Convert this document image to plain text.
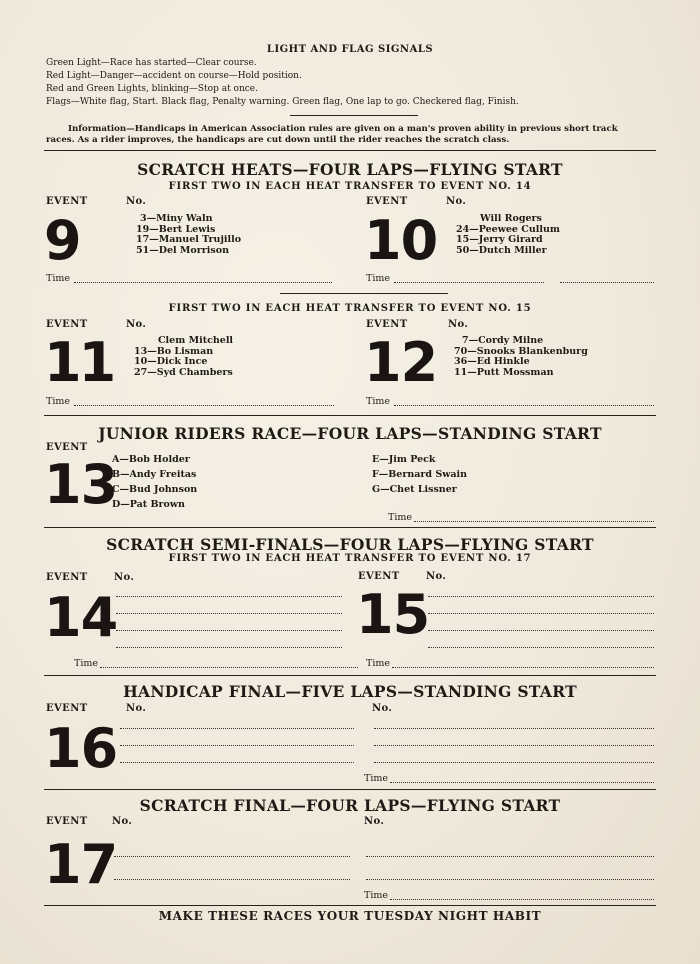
LIGHT AND FLAG SIGNALS
Green Light—Race has started—Clear course.
Red Light—Danger—accident on course—Hold position.
Red and Green Lights, blinking—Stop at once.
Flags—White flag, Start. Black flag, Penalty warning. Green flag, One lap to go. Checkered flag, Finish.
Information—Handicaps in American Association rules are given on a man's proven ability in previous short track
races. As a rider improves, the handicaps are cut down until the rider reaches the scratch class.
SCRATCH HEATS—FOUR LAPS—FLYING START
FIRST TWO IN EACH HEAT TRANSFER TO EVENT NO. 14
EVENT	No.
9	3—Miny Waln
19—Bert Lewis
17—Manuel Trujillo
51—Del Morrison
Time
EVENT	No.
10	Will Rogers
24—Peewee Cullum
15—Jerry Girard
50—Dutch Miller
Time
FIRST TWO IN EACH HEAT TRANSFER TO EVENT NO. 15
EVENT	No.
11	Clem Mitchell
13—Bo Lisman
10—Dick Ince
27—Syd Chambers
Time
EVENT	No.
12	7—Cordy Milne
70—Snooks Blankenburg
36—Ed Hinkle
11—Putt Mossman
Time
JUNIOR RIDERS RACE—FOUR LAPS—STANDING START
EVENT
13
A—Bob Holder
B—Andy Freitas
C—Bud Johnson
D—Pat Brown
E—Jim Peck
F—Bernard Swain
G—Chet Lissner
Time
SCRATCH SEMI-FINALS—FOUR LAPS—FLYING START
FIRST TWO IN EACH HEAT TRANSFER TO EVENT NO. 17
EVENT	No.
14
Time
EVENT	No.
15
Time
HANDICAP FINAL—FIVE LAPS—STANDING START
EVENT	No.	No.
16	Time
SCRATCH FINAL—FOUR LAPS—FLYING START
EVENT No.	No.
17	Time
MAKE THESE RACES YOUR TUESDAY NIGHT HABIT
